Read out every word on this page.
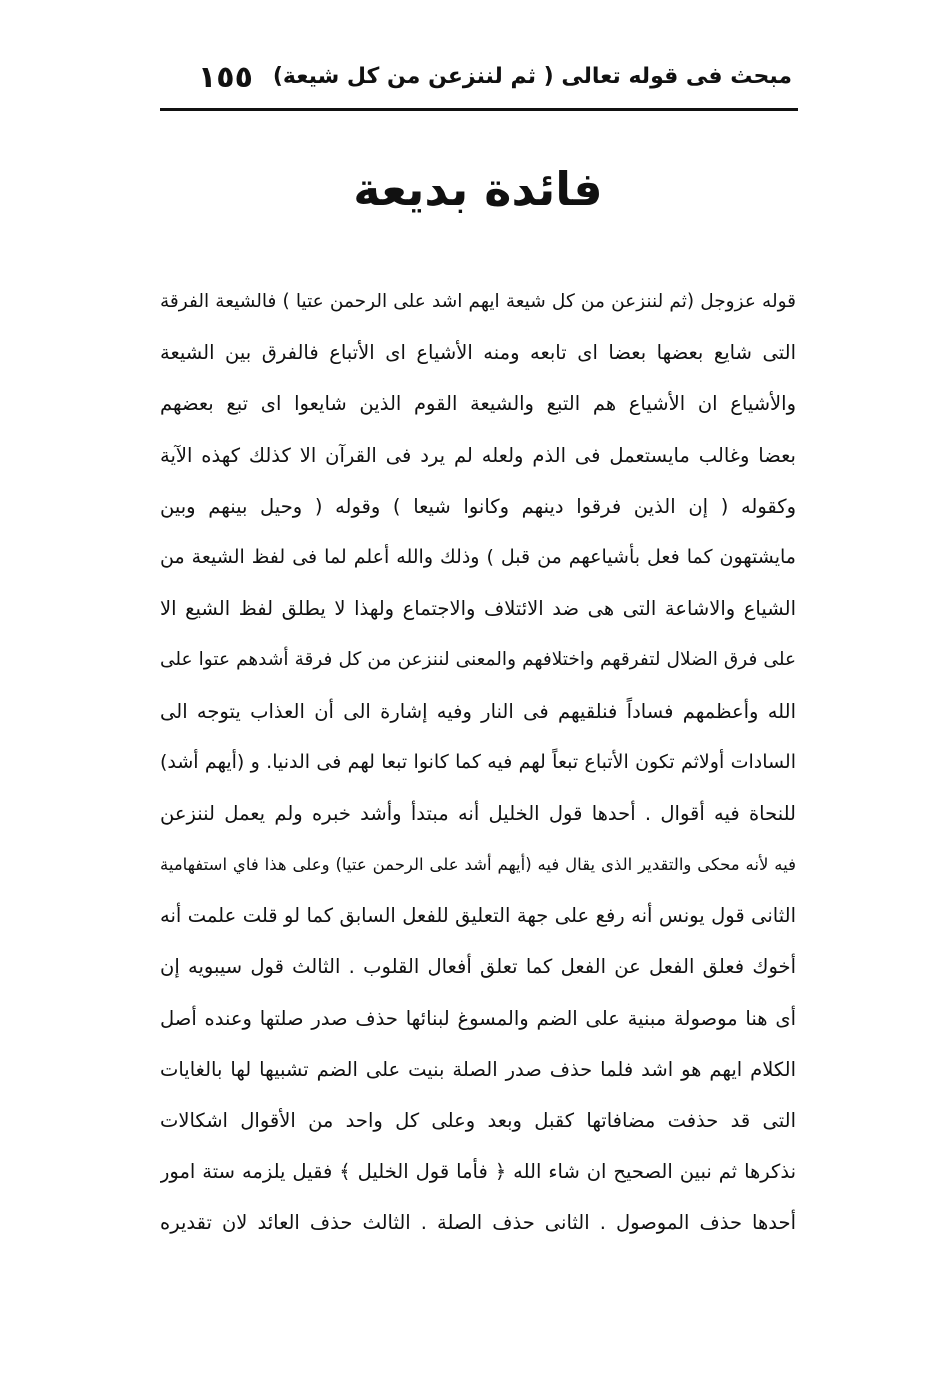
مبحث فى قوله تعالى ( ثم لننزعن من كل شيعة)
١٥٥
فائدة بديعة
قوله عزوجل (ثم لننزعن من كل شيعة ايهم اشد على الرحمن عتيا ) فالشيعة الفرقة
التى شايع بعضها بعضا اى تابعه ومنه الأشياع اى الأتباع فالفرق بين الشيعة
والأشياع ان الأشياع هم التبع والشيعة القوم الذين شايعوا اى تبع بعضهم
بعضا وغالب مايستعمل فى الذم ولعله لم يرد فى القرآن الا كذلك كهذه الآية
وكقوله ( إن الذين فرقوا دينهم وكانوا شيعا ) وقوله ( وحيل بينهم وبين
مايشتهون كما فعل بأشياعهم من قبل ) وذلك والله أعلم لما فى لفظ الشيعة من
الشياع والاشاعة التى هى ضد الائتلاف والاجتماع ولهذا لا يطلق لفظ الشيع الا
على فرق الضلال لتفرقهم واختلافهم والمعنى لننزعن من كل فرقة أشدهم عتوا على
الله وأعظمهم فساداً فنلقيهم فى النار وفيه إشارة الى أن العذاب يتوجه الى
السادات أولاثم تكون الأتباع تبعاً لهم فيه كما كانوا تبعا لهم فى الدنيا. و (أيهم أشد)
للنحاة فيه أقوال . أحدها قول الخليل أنه مبتدأ وأشد خبره ولم يعمل لننزعن
فيه لأنه محكى والتقدير الذى يقال فيه (أيهم أشد على الرحمن عتيا) وعلى هذا فاي استفهامية
الثانى قول يونس أنه رفع على جهة التعليق للفعل السابق كما لو قلت علمت أنه
أخوك فعلق الفعل عن الفعل كما تعلق أفعال القلوب . الثالث قول سيبويه إن
أى هنا موصولة مبنية على الضم والمسوغ لبنائها حذف صدر صلتها وعنده أصل
الكلام ايهم هو اشد فلما حذف صدر الصلة بنيت على الضم تشبيها لها بالغايات
التى قد حذفت مضافاتها كقبل وبعد وعلى كل واحد من الأقوال اشكالات
نذكرها ثم نبين الصحيح ان شاء الله ﴿ فأما قول الخليل ﴾ فقيل يلزمه ستة امور
أحدها حذف الموصول . الثانى حذف الصلة . الثالث حذف العائد لان تقديره
